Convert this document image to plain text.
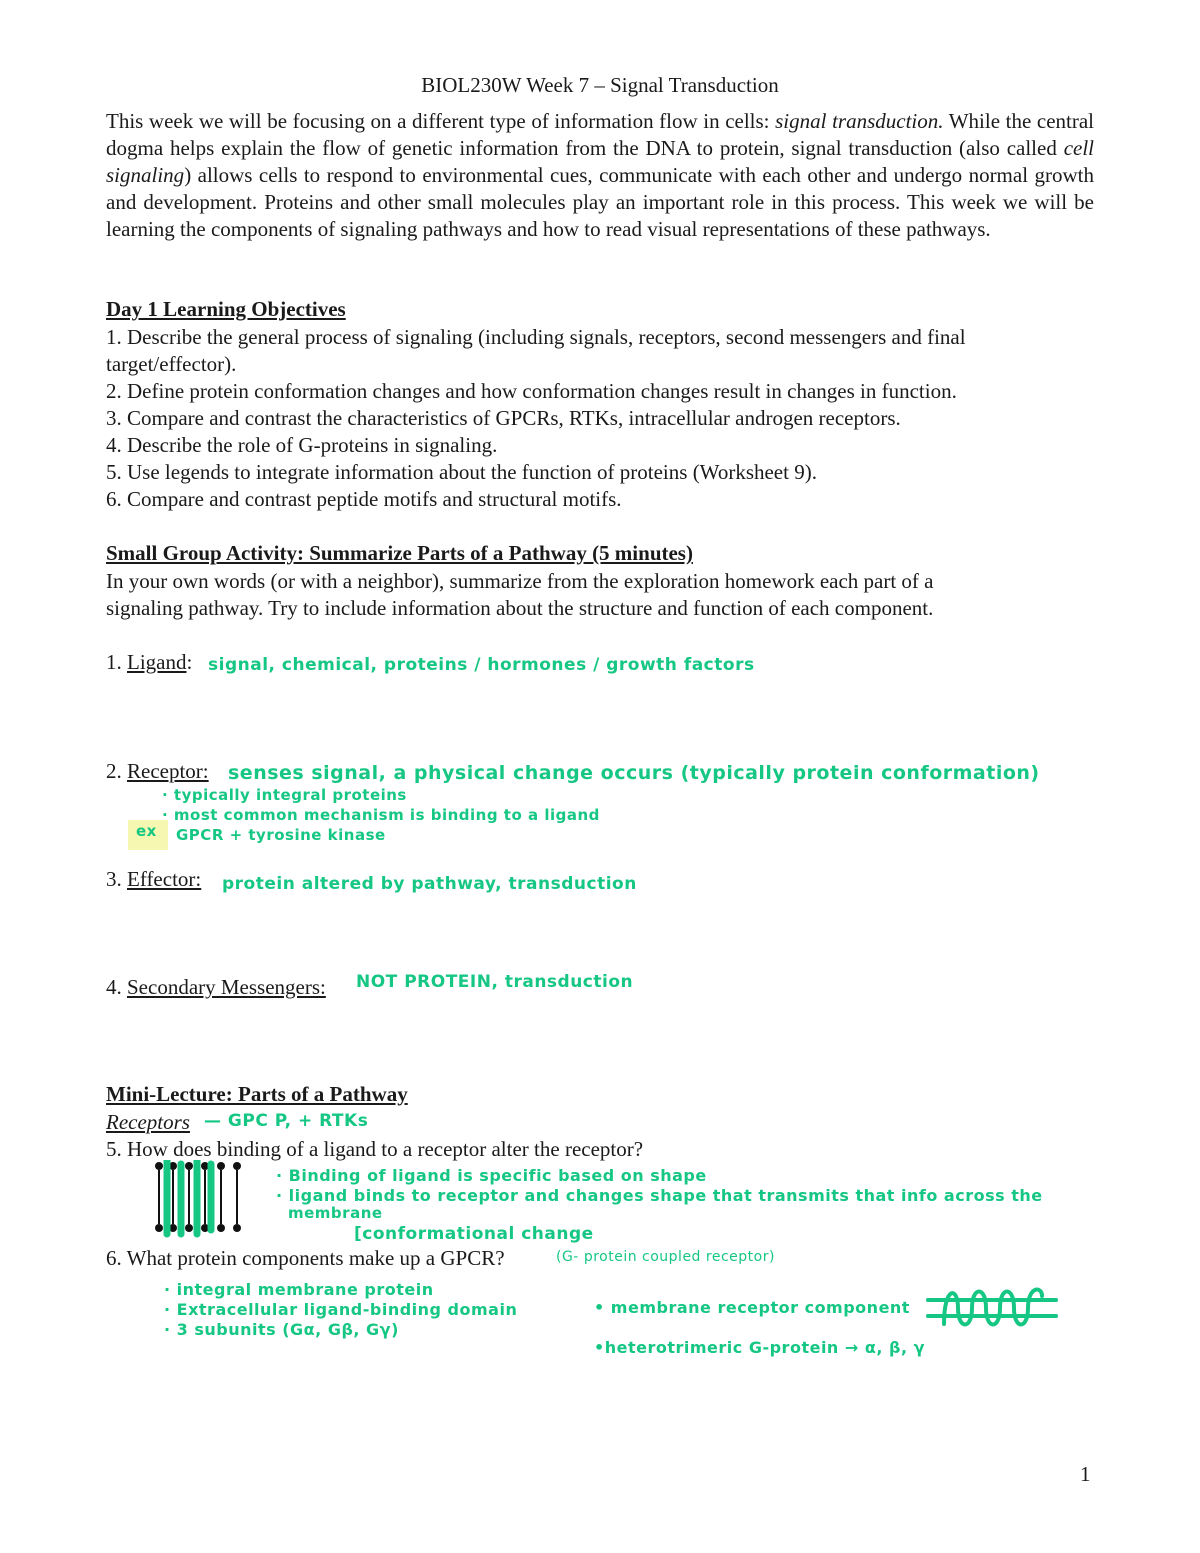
BIOL230W Week 7 – Signal Transduction
This week we will be focusing on a different type of information flow in cells: signal transduction. While the central dogma helps explain the flow of genetic information from the DNA to protein, signal transduction (also called cell signaling) allows cells to respond to environmental cues, communicate with each other and undergo normal growth and development. Proteins and other small molecules play an important role in this process. This week we will be learning the components of signaling pathways and how to read visual representations of these pathways.
Day 1 Learning Objectives
1. Describe the general process of signaling (including signals, receptors, second messengers and final
target/effector).
2. Define protein conformation changes and how conformation changes result in changes in function.
3. Compare and contrast the characteristics of GPCRs, RTKs, intracellular androgen receptors.
4. Describe the role of G-proteins in signaling.
5. Use legends to integrate information about the function of proteins (Worksheet 9).
6. Compare and contrast peptide motifs and structural motifs.
Small Group Activity: Summarize Parts of a Pathway (5 minutes)
In your own words (or with a neighbor), summarize from the exploration homework each part of a
signaling pathway. Try to include information about the structure and function of each component.
1. Ligand: signal, chemical, proteins / hormones / growth factors
2. Receptor: senses signal, a physical change occurs (typically protein conformation)
· typically integral proteins
ex
· most common mechanism is binding to a ligand
GPCR + tyrosine kinase
3. Effector: protein altered by pathway, transduction
4. Secondary Messengers: NOT PROTEIN, transduction
Mini-Lecture: Parts of a Pathway
Receptors — GPC P, + RTKs
5. How does binding of a ligand to a receptor alter the receptor?
· Binding of ligand is specific based on shape
· ligand binds to receptor and changes shape that transmits that info across the
membrane
[conformational change
6. What protein components make up a GPCR?	(G- protein coupled receptor)
· integral membrane protein
· Extracellular ligand-binding domain
· 3 subunits (Gα, Gβ, Gγ)
• membrane receptor component
•heterotrimeric G-protein → α, β, γ
1
